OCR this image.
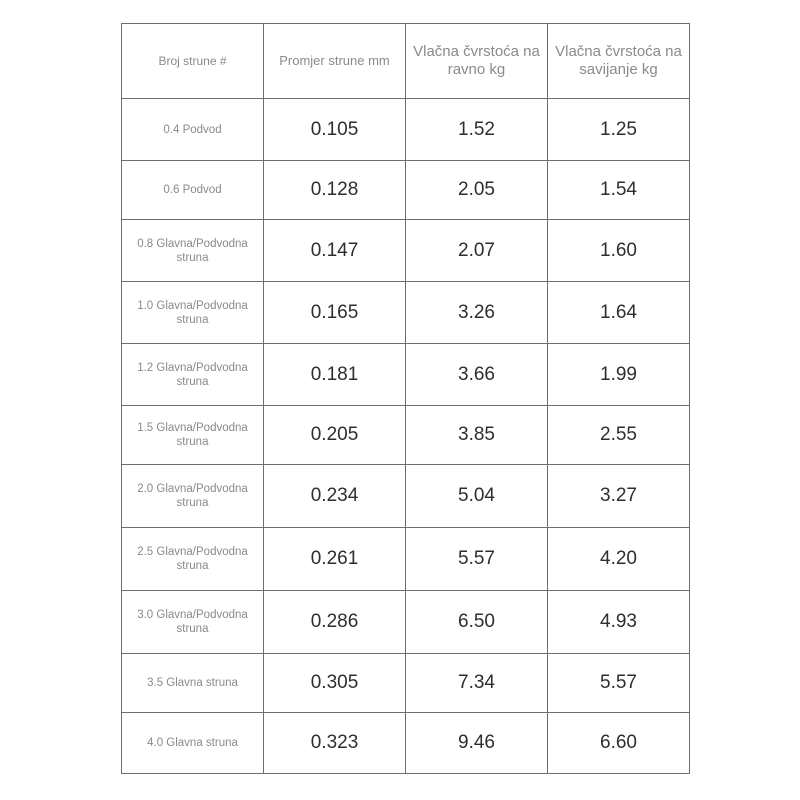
Broj strune #	Promjer strune mm	Vlačna čvrstoća na ravno kg	Vlačna čvrstoća na savijanje kg
0.4 Podvod	0.105	1.52	1.25
0.6 Podvod	0.128	2.05	1.54
0.8 Glavna/Podvodna struna	0.147	2.07	1.60
1.0 Glavna/Podvodna struna	0.165	3.26	1.64
1.2 Glavna/Podvodna struna	0.181	3.66	1.99
1.5 Glavna/Podvodna struna	0.205	3.85	2.55
2.0 Glavna/Podvodna struna	0.234	5.04	3.27
2.5 Glavna/Podvodna struna	0.261	5.57	4.20
3.0 Glavna/Podvodna struna	0.286	6.50	4.93
3.5 Glavna struna	0.305	7.34	5.57
4.0 Glavna struna	0.323	9.46	6.60
